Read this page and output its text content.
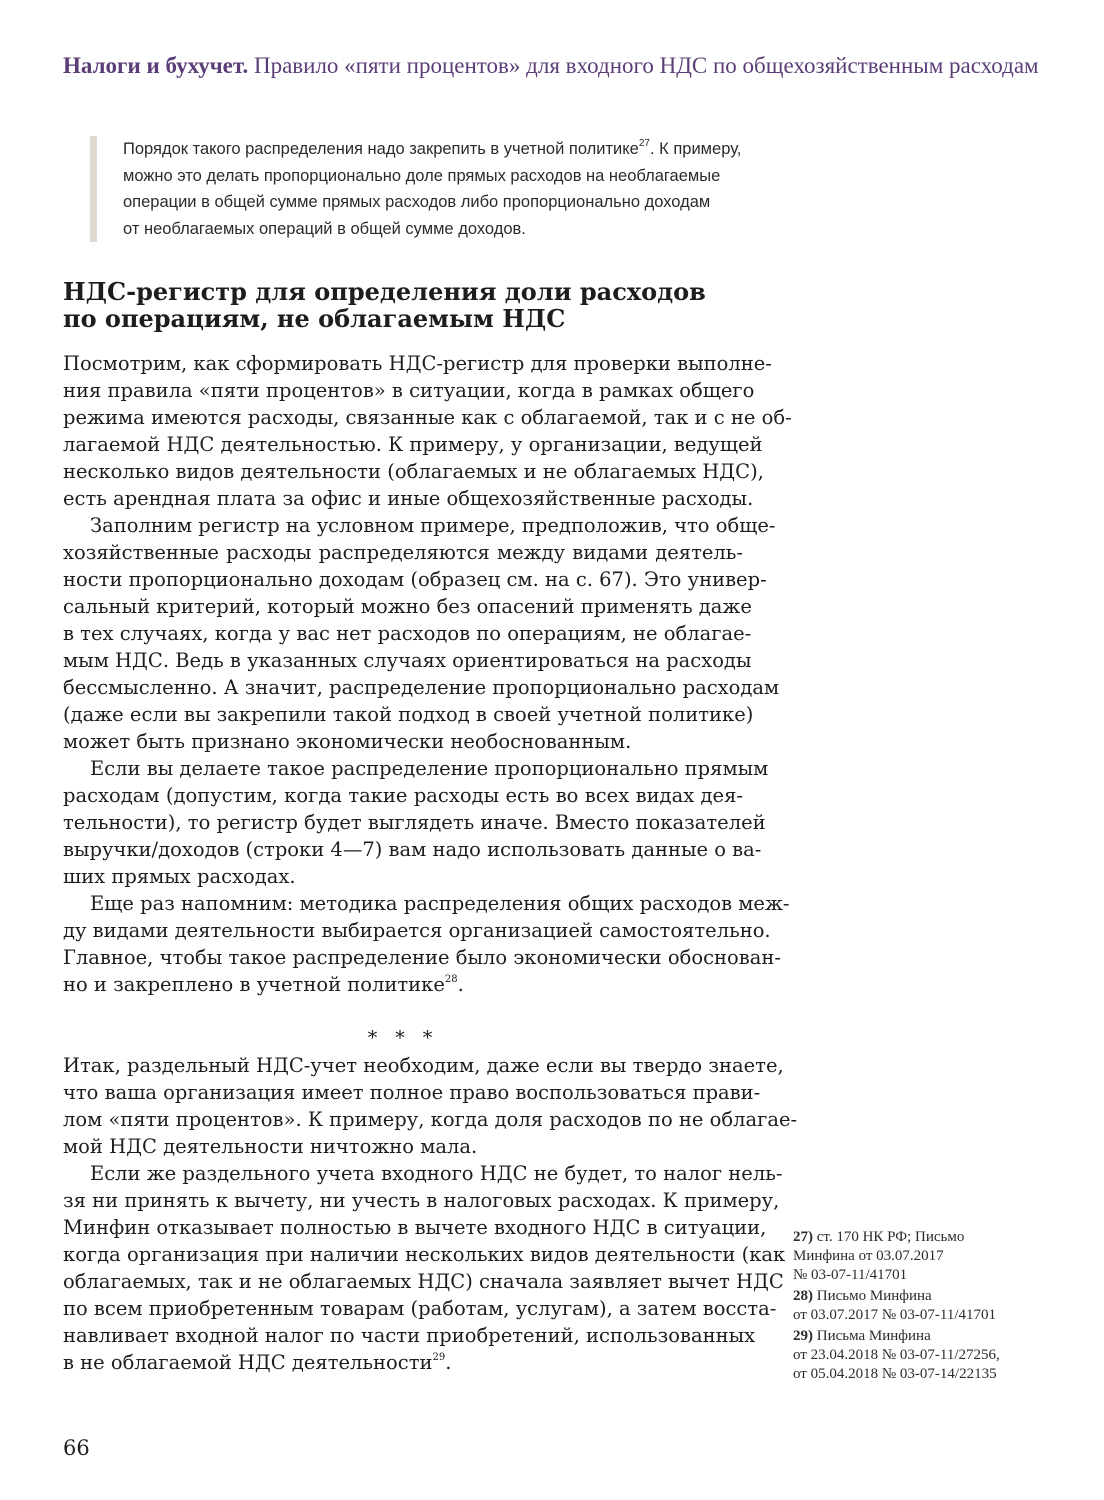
Налоги и бухучет. Правило «пяти процентов» для входного НДС по общехозяйственным расходам
Порядок такого распределения надо закрепить в учетной политике$^{27}$. К примеру,
можно это делать пропорционально доле прямых расходов на необлагаемые
операции в общей сумме прямых расходов либо пропорционально доходам
от необлагаемых операций в общей сумме доходов.
НДС-регистр для определения доли расходов
по операциям, не облагаемым НДС
Посмотрим, как сформировать НДС-регистр для проверки выполне-
ния правила «пяти процентов» в ситуации, когда в рамках общего
режима имеются расходы, связанные как с облагаемой, так и с не об-
лагаемой НДС деятельностью. К примеру, у организации, ведущей
несколько видов деятельности (облагаемых и не облагаемых НДС),
есть арендная плата за офис и иные общехозяйственные расходы.
Заполним регистр на условном примере, предположив, что обще-
хозяйственные расходы распределяются между видами деятель-
ности пропорционально доходам (образец см. на с. 67). Это универ-
сальный критерий, который можно без опасений применять даже
в тех случаях, когда у вас нет расходов по операциям, не облагае-
мым НДС. Ведь в указанных случаях ориентироваться на расходы
бессмысленно. А значит, распределение пропорционально расходам
(даже если вы закрепили такой подход в своей учетной политике)
может быть признано экономически необоснованным.
Если вы делаете такое распределение пропорционально прямым
расходам (допустим, когда такие расходы есть во всех видах дея-
тельности), то регистр будет выглядеть иначе. Вместо показателей
выручки/доходов (строки 4—7) вам надо использовать данные о ва-
ших прямых расходах.
Еще раз напомним: методика распределения общих расходов меж-
ду видами деятельности выбирается организацией самостоятельно.
Главное, чтобы такое распределение было экономически обоснован-
но и закреплено в учетной политике$^{28}$.
* * *
Итак, раздельный НДС-учет необходим, даже если вы твердо знаете,
что ваша организация имеет полное право воспользоваться прави-
лом «пяти процентов». К примеру, когда доля расходов по не облагае-
мой НДС деятельности ничтожно мала.
Если же раздельного учета входного НДС не будет, то налог нель-
зя ни принять к вычету, ни учесть в налоговых расходах. К примеру,
Минфин отказывает полностью в вычете входного НДС в ситуации,
когда организация при наличии нескольких видов деятельности (как
облагаемых, так и не облагаемых НДС) сначала заявляет вычет НДС
по всем приобретенным товарам (работам, услугам), а затем восста-
навливает входной налог по части приобретений, использованных
в не облагаемой НДС деятельности$^{29}$.
27) ст. 170 НК РФ; Письмо
Минфина от 03.07.2017
№ 03-07-11/41701
28) Письмо Минфина
от 03.07.2017 № 03-07-11/41701
29) Письма Минфина
от 23.04.2018 № 03-07-11/27256,
от 05.04.2018 № 03-07-14/22135
66
